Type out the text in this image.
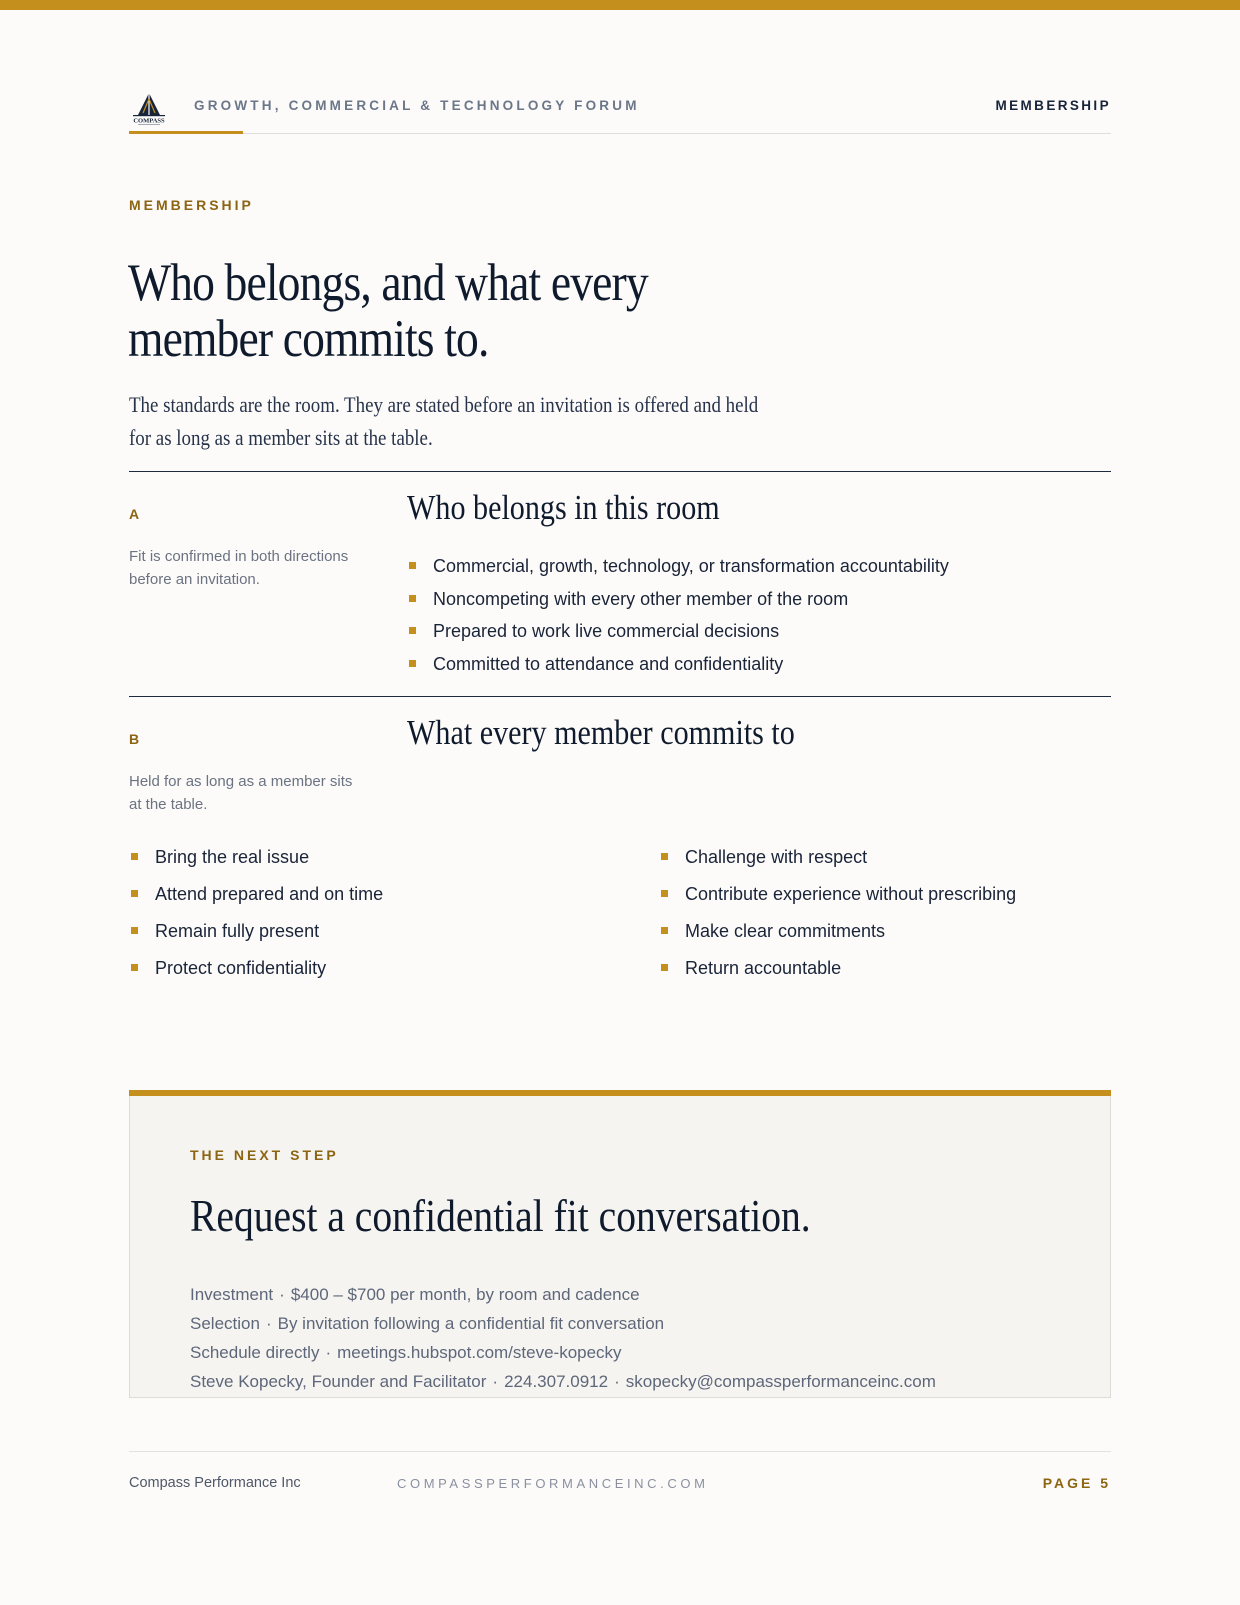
COMPASS
GROWTH, COMMERCIAL & TECHNOLOGY FORUM	MEMBERSHIP
MEMBERSHIP
Who belongs, and what every member commits to.

The standards are the room. They are stated before an invitation is offered and held for as long as a member sits at the table.

A
Fit is confirmed in both directions before an invitation.
Who belongs in this room
Commercial, growth, technology, or transformation accountability
Noncompeting with every other member of the room
Prepared to work live commercial decisions
Committed to attendance and confidentiality
B
Held for as long as a member sits at the table.
What every member commits to
Bring the real issue
Attend prepared and on time
Remain fully present
Protect confidentiality
Challenge with respect
Contribute experience without prescribing
Make clear commitments
Return accountable
THE NEXT STEP
Request a confidential fit conversation.
Investment · $400 – $700 per month, by room and cadence
Selection · By invitation following a confidential fit conversation
Schedule directly · meetings.hubspot.com/steve-kopecky
Steve Kopecky, Founder and Facilitator · 224.307.0912 · skopecky@compassperformanceinc.com
Compass Performance Inc	COMPASSPERFORMANCEINC.COM	PAGE 5
